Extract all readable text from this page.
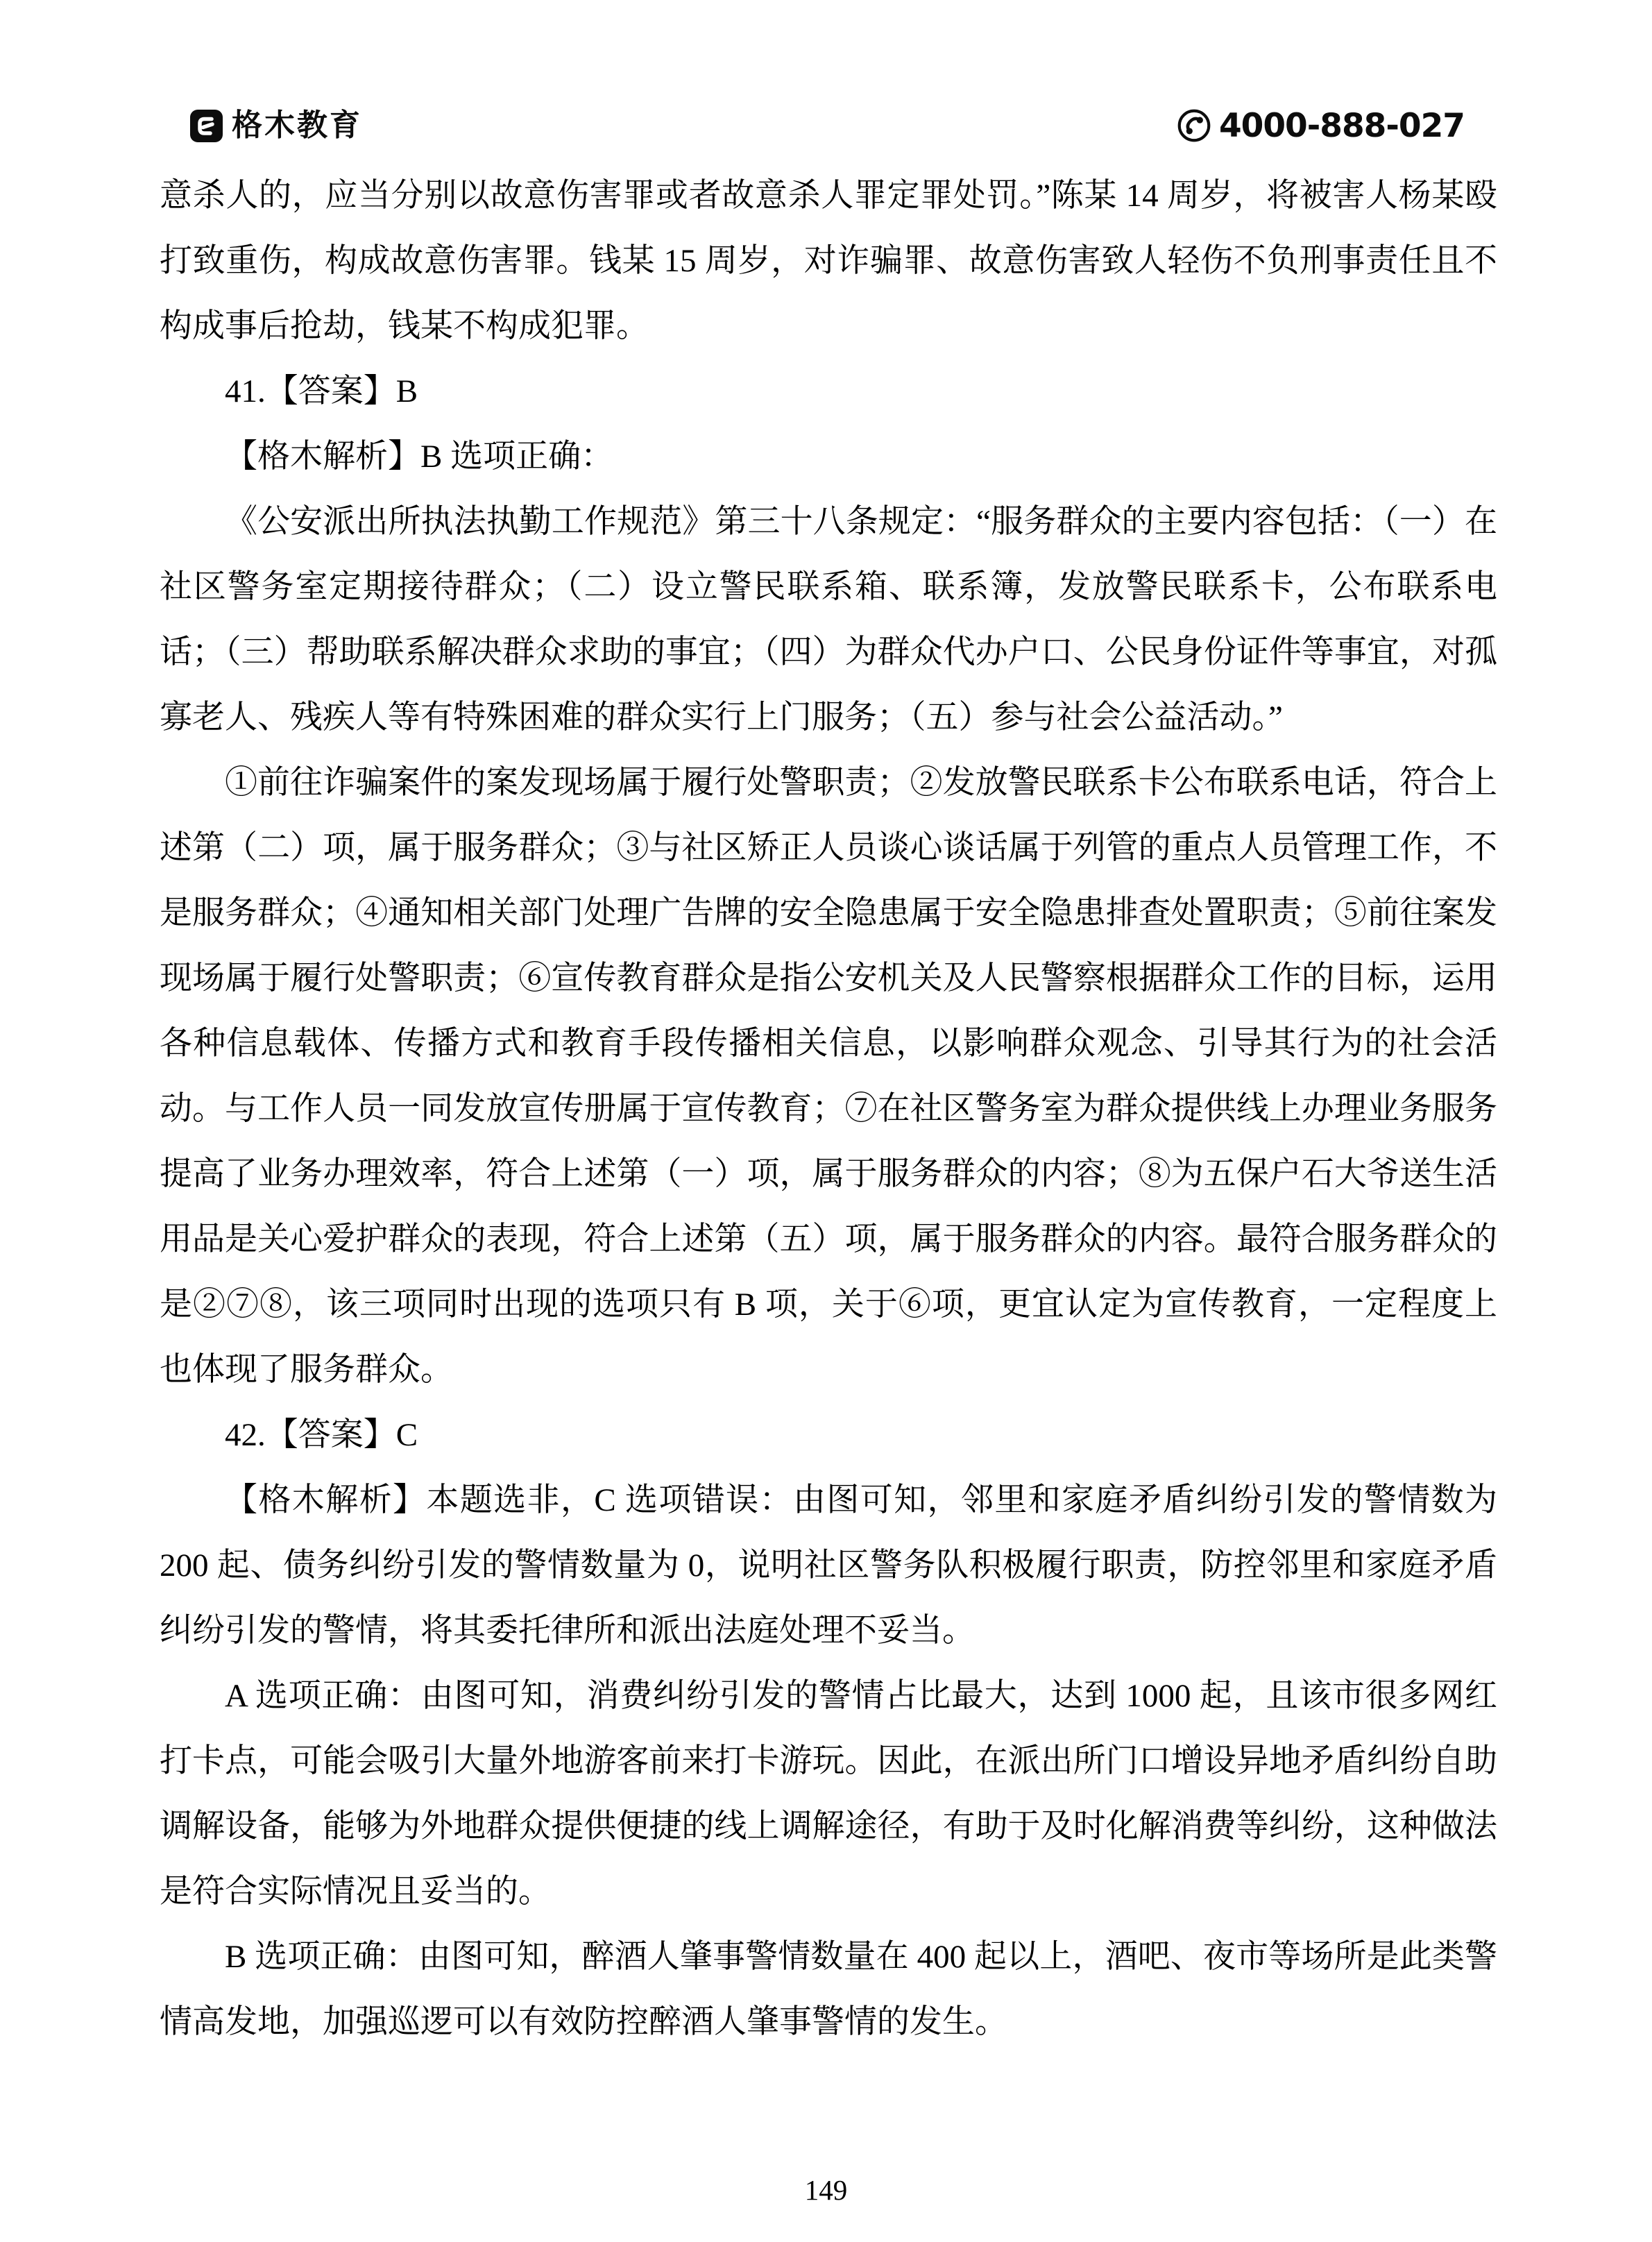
格木教育	4000-888-027

意杀人的，应当分别以故意伤害罪或者故意杀人罪定罪处罚。”陈某 14 周岁，将被害人杨某殴打致重伤，构成故意伤害罪。钱某 15 周岁，对诈骗罪、故意伤害致人轻伤不负刑事责任且不构成事后抢劫，钱某不构成犯罪。

41.【答案】B

【格木解析】B 选项正确：

《公安派出所执法执勤工作规范》第三十八条规定：“服务群众的主要内容包括：（一）在社区警务室定期接待群众；（二）设立警民联系箱、联系簿，发放警民联系卡，公布联系电话；（三）帮助联系解决群众求助的事宜；（四）为群众代办户口、公民身份证件等事宜，对孤寡老人、残疾人等有特殊困难的群众实行上门服务；（五）参与社会公益活动。”

①前往诈骗案件的案发现场属于履行处警职责；②发放警民联系卡公布联系电话，符合上述第（二）项，属于服务群众；③与社区矫正人员谈心谈话属于列管的重点人员管理工作，不是服务群众；④通知相关部门处理广告牌的安全隐患属于安全隐患排查处置职责；⑤前往案发现场属于履行处警职责；⑥宣传教育群众是指公安机关及人民警察根据群众工作的目标，运用各种信息载体、传播方式和教育手段传播相关信息，以影响群众观念、引导其行为的社会活动。与工作人员一同发放宣传册属于宣传教育；⑦在社区警务室为群众提供线上办理业务服务提高了业务办理效率，符合上述第（一）项，属于服务群众的内容；⑧为五保户石大爷送生活用品是关心爱护群众的表现，符合上述第（五）项，属于服务群众的内容。最符合服务群众的是②⑦⑧，该三项同时出现的选项只有 B 项，关于⑥项，更宜认定为宣传教育，一定程度上也体现了服务群众。

42.【答案】C

【格木解析】本题选非，C 选项错误：由图可知，邻里和家庭矛盾纠纷引发的警情数为 200 起、债务纠纷引发的警情数量为 0，说明社区警务队积极履行职责，防控邻里和家庭矛盾纠纷引发的警情，将其委托律所和派出法庭处理不妥当。

A 选项正确：由图可知，消费纠纷引发的警情占比最大，达到 1000 起，且该市很多网红打卡点，可能会吸引大量外地游客前来打卡游玩。因此，在派出所门口增设异地矛盾纠纷自助调解设备，能够为外地群众提供便捷的线上调解途径，有助于及时化解消费等纠纷，这种做法是符合实际情况且妥当的。

B 选项正确：由图可知，醉酒人肇事警情数量在 400 起以上，酒吧、夜市等场所是此类警情高发地，加强巡逻可以有效防控醉酒人肇事警情的发生。

149
